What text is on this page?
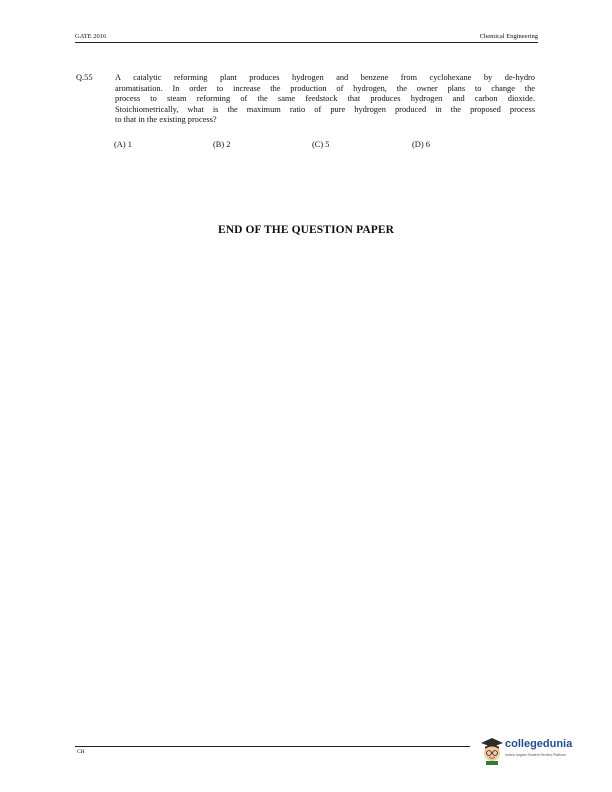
GATE 2016	Chemical Engineering
Q.55	A catalytic reforming plant produces hydrogen and benzene from cyclohexane by de-hydro
aromatisation. In order to increase the production of hydrogen, the owner plans to change the
process to steam reforming of the same feedstock that produces hydrogen and carbon dioxide.
Stoichiometrically, what is the maximum ratio of pure hydrogen produced in the proposed process
to that in the existing process?
(A) 1	(B) 2	(C) 5	(D) 6
END OF THE QUESTION PAPER
CH
collegedunia
India's largest Student Review Platform
